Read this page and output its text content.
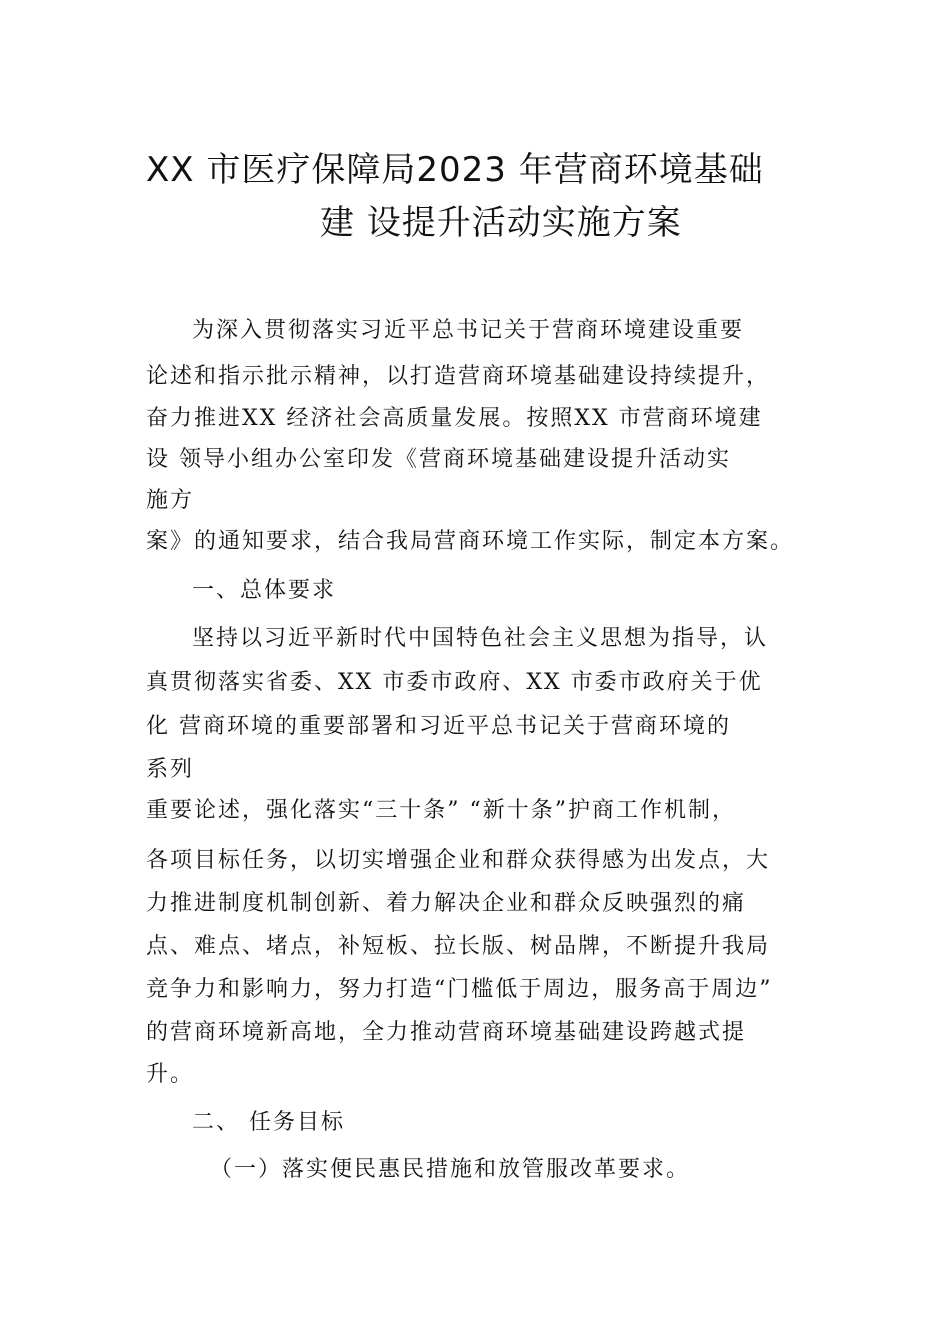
XX 市医疗保障局2023 年营商环境基础
建 设提升活动实施方案
为深入贯彻落实习近平总书记关于营商环境建设重要
论述和指示批示精神，以打造营商环境基础建设持续提升，
奋力推进XX 经济社会高质量发展。按照XX 市营商环境建
设 领导小组办公室印发《营商环境基础建设提升活动实
施方
案》的通知要求，结合我局营商环境工作实际，制定本方案。
一、总体要求
坚持以习近平新时代中国特色社会主义思想为指导，认
真贯彻落实省委、XX 市委市政府、XX 市委市政府关于优
化 营商环境的重要部署和习近平总书记关于营商环境的
系列
重要论述，强化落实“三十条” “新十条”护商工作机制，
各项目标任务，以切实增强企业和群众获得感为出发点，大
力推进制度机制创新、着力解决企业和群众反映强烈的痛
点、难点、堵点，补短板、拉长版、树品牌，不断提升我局
竞争力和影响力，努力打造“门槛低于周边，服务高于周边”
的营商环境新高地，全力推动营商环境基础建设跨越式提
升。
二、 任务目标
（一）落实便民惠民措施和放管服改革要求。
